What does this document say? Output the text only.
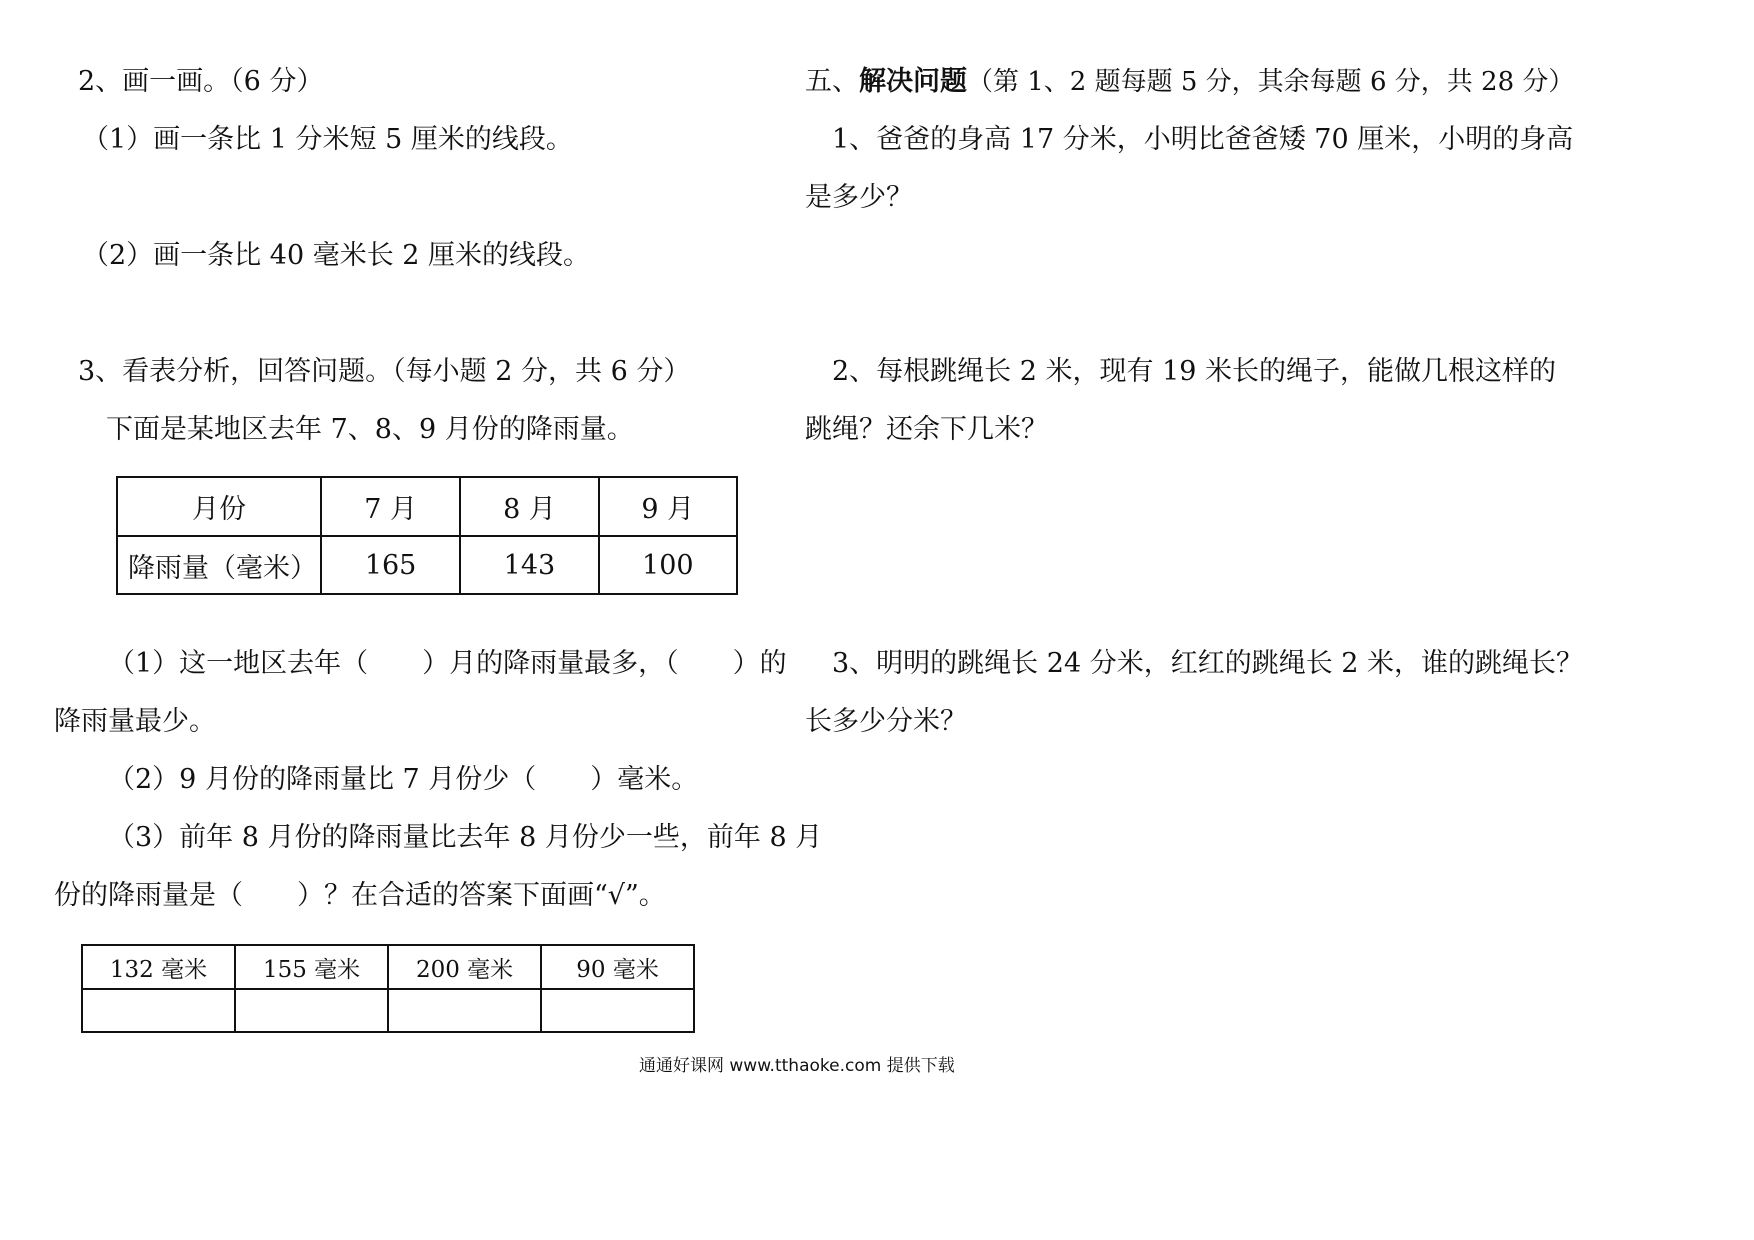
2、画一画。（6 分）
（1）画一条比 1 分米短 5 厘米的线段。
（2）画一条比 40 毫米长 2 厘米的线段。
3、看表分析，回答问题。（每小题 2 分，共 6 分）
下面是某地区去年 7、8、9 月份的降雨量。
月份	7 月	8 月	9 月
降雨量（毫米）	165	143	100
（1）这一地区去年（　　）月的降雨量最多，（　　）的
降雨量最少。
（2）9 月份的降雨量比 7 月份少（　　）毫米。
（3）前年 8 月份的降雨量比去年 8 月份少一些，前年 8 月
份的降雨量是（　　）？在合适的答案下面画“√”。
132 毫米	155 毫米	200 毫米	90 毫米

五、解决问题（第 1、2 题每题 5 分，其余每题 6 分，共 28 分）
1、爸爸的身高 17 分米，小明比爸爸矮 70 厘米，小明的身高
是多少？
2、每根跳绳长 2 米，现有 19 米长的绳子，能做几根这样的
跳绳？还余下几米？
3、明明的跳绳长 24 分米，红红的跳绳长 2 米，谁的跳绳长？
长多少分米？
通通好课网 www.tthaoke.com 提供下载
